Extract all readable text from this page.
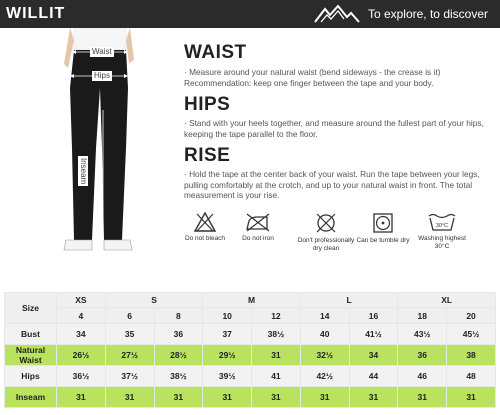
WILLIT	To explore, to discover
Waist
Hips
Inseam
WAIST
· Measure around your natural waist (bend sideways - the crease is it) Recommendation: keep one finger between the tape and your body.
HIPS
· Stand with your heels together, and measure around the fullest part of your hips, keeping the tape parallel to the floor.
RISE
· Hold the tape at the center back of your waist. Run the tape between your legs, pulling comfortably at the crotch, and up to your natural waist in front. The total measurement is your rise.
Do not bleach	Do not iron	Don't professionally dry clean
Can be tumble dry
30°C
Washing highest 30°C
Size	XS	S		M		L		XL	
	4	6	8	10	12	14	16	18	20
Bust	34	35	36	37	38½	40	41½	43½	45½
Natural Waist	26½	27½	28½	29½	31	32½	34	36	38
Hips	36½	37½	38½	39½	41	42½	44	46	48
Inseam	31	31	31	31	31	31	31	31	31
